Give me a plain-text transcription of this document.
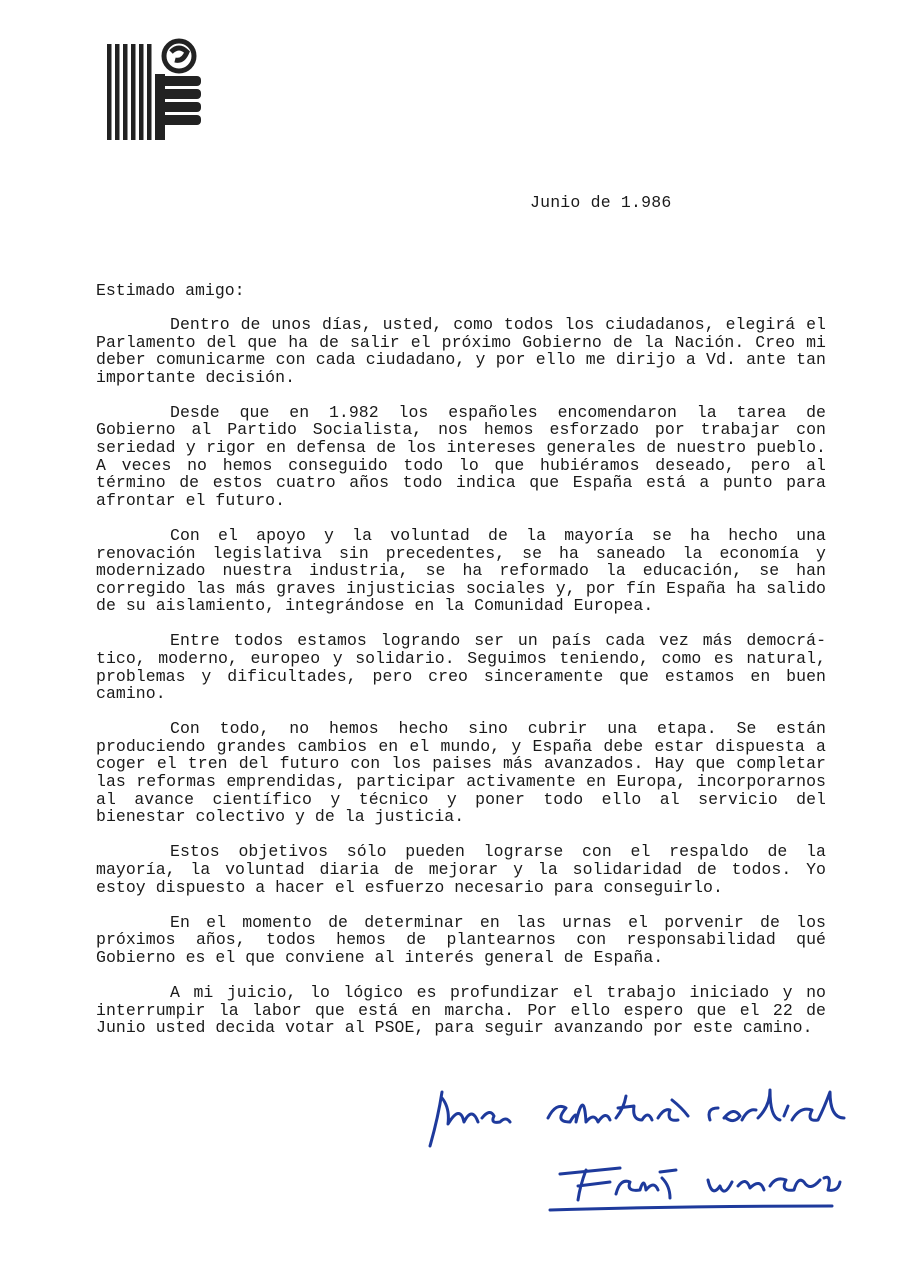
Junio de 1.986
Estimado amigo:

Dentro de unos días, usted, como todos los ciudadanos, elegirá el Parlamento del que ha de salir el próximo Gobierno de la Nación. Creo mi deber comunicarme con cada ciudadano, y por ello me dirijo a Vd. ante tan importante decisión.

Desde que en 1.982 los españoles encomendaron la tarea de Gobierno al Partido Socialista, nos hemos esforzado por trabajar con seriedad y rigor en defensa de los intereses generales de nuestro pueblo. A veces no hemos conseguido todo lo que hubiéramos deseado, pero al término de estos cuatro años todo indica que España está a punto para afrontar el futuro.

Con el apoyo y la voluntad de la mayoría se ha hecho una renovación legislativa sin precedentes, se ha saneado la economía y modernizado nuestra industria, se ha reformado la educación, se han corregido las más graves injusticias sociales y, por fín España ha salido de su aislamiento, integrándose en la Comunidad Europea.

Entre todos estamos logrando ser un país cada vez más democrático, moderno, europeo y solidario. Seguimos teniendo, como es natural, problemas y dificultades, pero creo sinceramente que estamos en buen camino.

Con todo, no hemos hecho sino cubrir una etapa. Se están produciendo grandes cambios en el mundo, y España debe estar dispuesta a coger el tren del futuro con los paises más avanzados. Hay que completar las reformas emprendidas, participar activamente en Europa, incorporarnos al avance científico y técnico y poner todo ello al servicio del bienestar colectivo y de la justicia.

Estos objetivos sólo pueden lograrse con el respaldo de la mayoría, la voluntad diaria de mejorar y la solidaridad de todos. Yo estoy dispuesto a hacer el esfuerzo necesario para conseguirlo.

En el momento de determinar en las urnas el porvenir de los próximos años, todos hemos de plantearnos con responsabilidad qué Gobierno es el que conviene al interés general de España.

A mi juicio, lo lógico es profundizar el trabajo iniciado y no interrumpir la labor que está en marcha. Por ello espero que el 22 de Junio usted decida votar al PSOE, para seguir avanzando por este camino.
